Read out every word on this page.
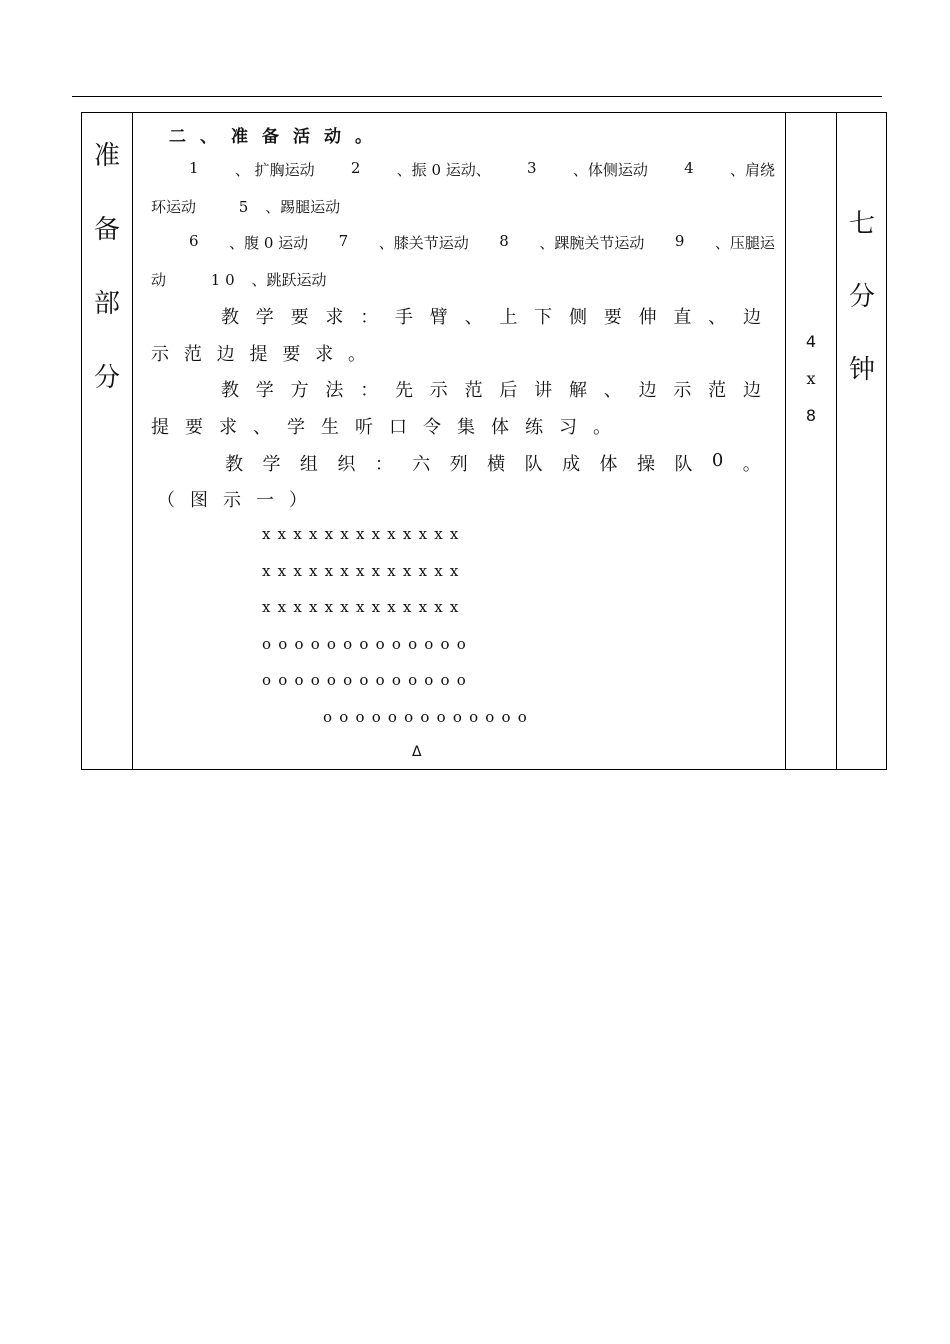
准
备
部
分
二、准备活动。
1 、 扩胸运动 2 、振 0 运动、 3 、体侧运动 4 、肩绕
环运动	5 、踢腿运动
6 、腹 0 运动 7 、膝关节运动 8 、踝腕关节运动 9 、压腿运
动	1 0 、跳跃运动
教 学 要 求 ： 手 臂 、 上 下 侧 要 伸 直 、 边
示 范 边 提 要 求 。
教 学 方 法 ： 先 示 范 后 讲 解 、 边 示 范 边
提 要 求 、 学 生 听 口 令 集 体 练 习 。
教 学 组 织 ： 六 列 横 队 成 体 操 队 0 。
（ 图 示 一 ）
xxxxxxxxxxxxx
xxxxxxxxxxxxx
xxxxxxxxxxxxx
ooooooooooooo
ooooooooooooo
ooooooooooooo
Δ
4
x
8
七
分
钟
